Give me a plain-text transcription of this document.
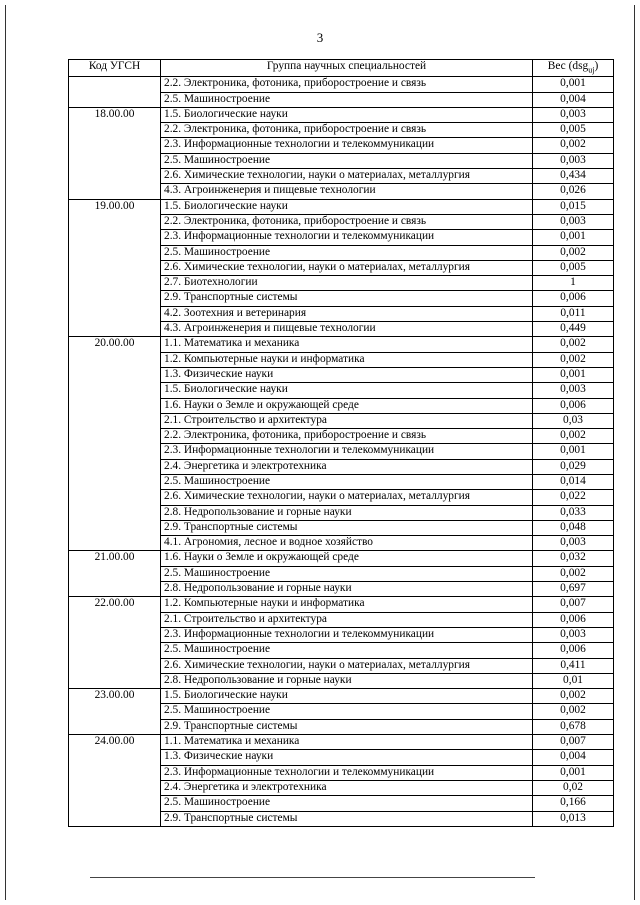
3
Код УГСН	Группа научных специальностей	Вес (dsg$_{uj}$)
	2.2. Электроника, фотоника, приборостроение и связь	0,001
	2.5. Машиностроение	0,004
18.00.00	1.5. Биологические науки	0,003
	2.2. Электроника, фотоника, приборостроение и связь	0,005
	2.3. Информационные технологии и телекоммуникации	0,002
	2.5. Машиностроение	0,003
	2.6. Химические технологии, науки о материалах, металлургия	0,434
	4.3. Агроинженерия и пищевые технологии	0,026
19.00.00	1.5. Биологические науки	0,015
	2.2. Электроника, фотоника, приборостроение и связь	0,003
	2.3. Информационные технологии и телекоммуникации	0,001
	2.5. Машиностроение	0,002
	2.6. Химические технологии, науки о материалах, металлургия	0,005
	2.7. Биотехнологии	1
	2.9. Транспортные системы	0,006
	4.2. Зоотехния и ветеринария	0,011
	4.3. Агроинженерия и пищевые технологии	0,449
20.00.00	1.1. Математика и механика	0,002
	1.2. Компьютерные науки и информатика	0,002
	1.3. Физические науки	0,001
	1.5. Биологические науки	0,003
	1.6. Науки о Земле и окружающей среде	0,006
	2.1. Строительство и архитектура	0,03
	2.2. Электроника, фотоника, приборостроение и связь	0,002
	2.3. Информационные технологии и телекоммуникации	0,001
	2.4. Энергетика и электротехника	0,029
	2.5. Машиностроение	0,014
	2.6. Химические технологии, науки о материалах, металлургия	0,022
	2.8. Недропользование и горные науки	0,033
	2.9. Транспортные системы	0,048
	4.1. Агрономия, лесное и водное хозяйство	0,003
21.00.00	1.6. Науки о Земле и окружающей среде	0,032
	2.5. Машиностроение	0,002
	2.8. Недропользование и горные науки	0,697
22.00.00	1.2. Компьютерные науки и информатика	0,007
	2.1. Строительство и архитектура	0,006
	2.3. Информационные технологии и телекоммуникации	0,003
	2.5. Машиностроение	0,006
	2.6. Химические технологии, науки о материалах, металлургия	0,411
	2.8. Недропользование и горные науки	0,01
23.00.00	1.5. Биологические науки	0,002
	2.5. Машиностроение	0,002
	2.9. Транспортные системы	0,678
24.00.00	1.1. Математика и механика	0,007
	1.3. Физические науки	0,004
	2.3. Информационные технологии и телекоммуникации	0,001
	2.4. Энергетика и электротехника	0,02
	2.5. Машиностроение	0,166
	2.9. Транспортные системы	0,013
